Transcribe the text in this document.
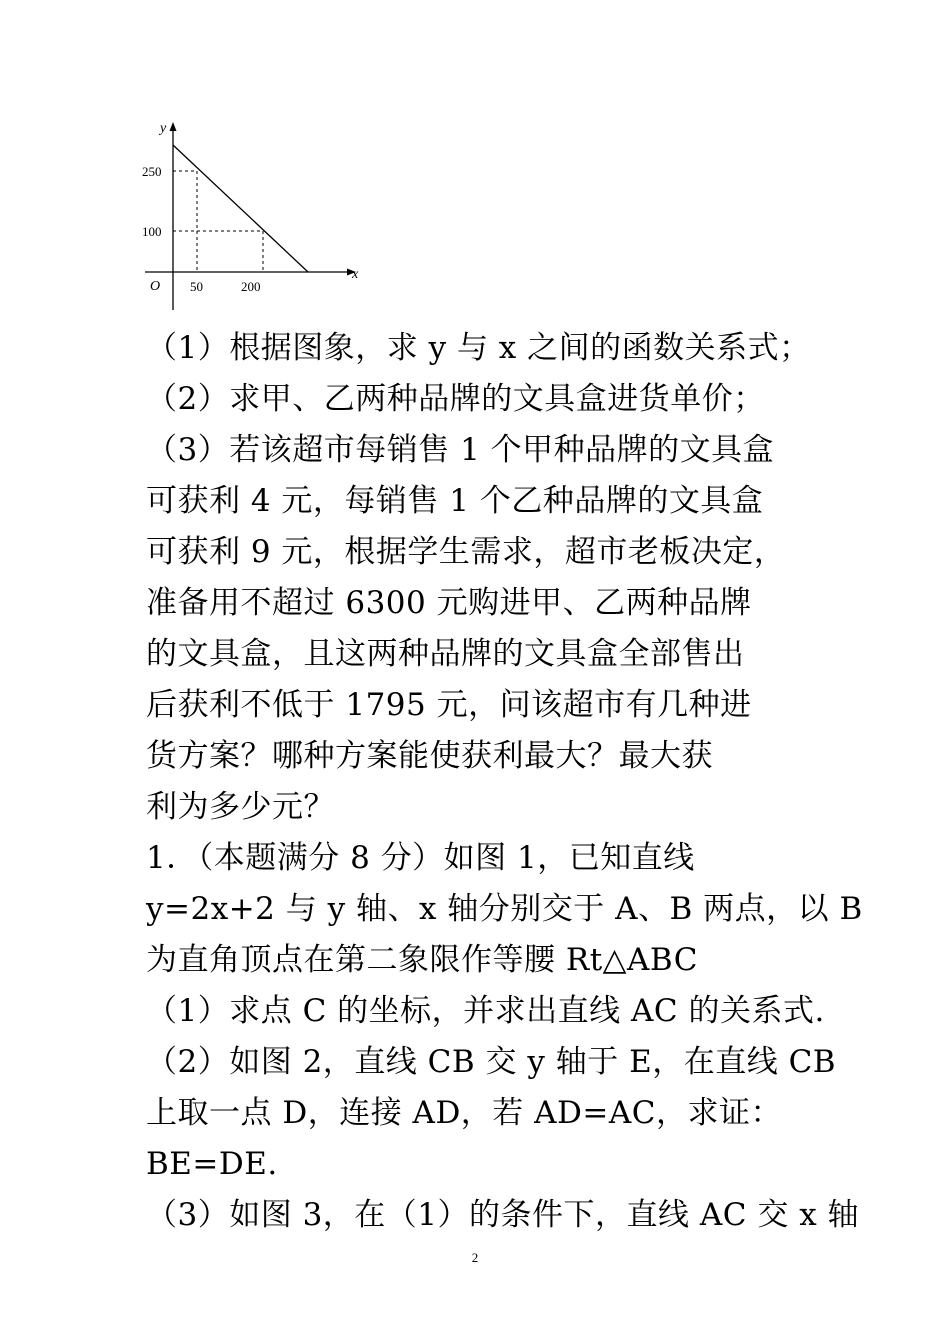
y
x
O
250
100
50	200
（1）根据图象，求 y 与 x 之间的函数关系式；
（2）求甲、乙两种品牌的文具盒进货单价；
（3）若该超市每销售 1 个甲种品牌的文具盒
可获利 4 元，每销售 1 个乙种品牌的文具盒
可获利 9 元，根据学生需求，超市老板决定，
准备用不超过 6300 元购进甲、乙两种品牌
的文具盒，且这两种品牌的文具盒全部售出
后获利不低于 1795 元，问该超市有几种进
货方案？哪种方案能使获利最大？最大获
利为多少元？
1．（本题满分 8 分）如图 1，已知直线
y=2x+2 与 y 轴、x 轴分别交于 A、B 两点，以 B
为直角顶点在第二象限作等腰 Rt△ABC
（1）求点 C 的坐标，并求出直线 AC 的关系式.
（2）如图 2，直线 CB 交 y 轴于 E，在直线 CB
上取一点 D，连接 AD，若 AD=AC，求证：
BE=DE.
（3）如图 3，在（1）的条件下，直线 AC 交 x 轴
2
